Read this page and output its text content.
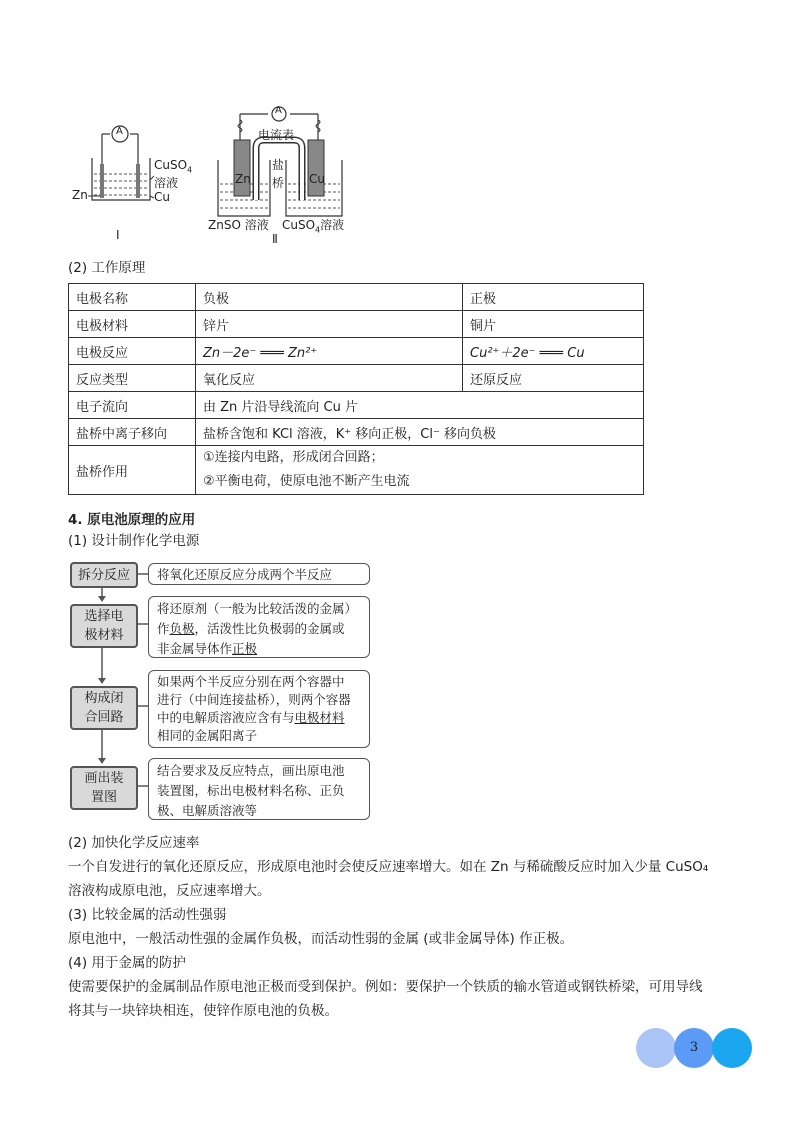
A
CuSO$_4$
溶液
Zn	Cu
Ⅰ
A
电流表
盐
桥
Zn	Cu
ZnSO 溶液 CuSO$_4$溶液
Ⅱ
(2) 工作原理
电极名称	负极	正极
电极材料	锌片	铜片
电极反应	Zn－2e⁻ ═══ Zn²⁺	Cu²⁺＋2e⁻ ═══ Cu
反应类型	氧化反应	还原反应
电子流向	由 Zn 片沿导线流向 Cu 片	
盐桥中离子移向	盐桥含饱和 KCl 溶液，K⁺ 移向正极，Cl⁻ 移向负极	
盐桥作用	①连接内电路，形成闭合回路；
②平衡电荷，使原电池不断产生电流	
4. 原电池原理的应用
(1) 设计制作化学电源
拆分反应	将氧化还原反应分成两个半反应
选择电极材料
将还原剂（一般为比较活泼的金属）
作负极，活泼性比负极弱的金属或
非金属导体作正极
构成闭合回路
如果两个半反应分别在两个容器中
进行（中间连接盐桥），则两个容器
中的电解质溶液应含有与电极材料
相同的金属阳离子
画出装置图
结合要求及反应特点，画出原电池
装置图，标出电极材料名称、正负
极、电解质溶液等
(2) 加快化学反应速率
一个自发进行的氧化还原反应，形成原电池时会使反应速率增大。如在 Zn 与稀硫酸反应时加入少量 CuSO₄
溶液构成原电池，反应速率增大。
(3) 比较金属的活动性强弱
原电池中，一般活动性强的金属作负极，而活动性弱的金属 (或非金属导体) 作正极。
(4) 用于金属的防护
使需要保护的金属制品作原电池正极而受到保护。例如：要保护一个铁质的输水管道或钢铁桥梁，可用导线
将其与一块锌块相连，使锌作原电池的负极。
3
